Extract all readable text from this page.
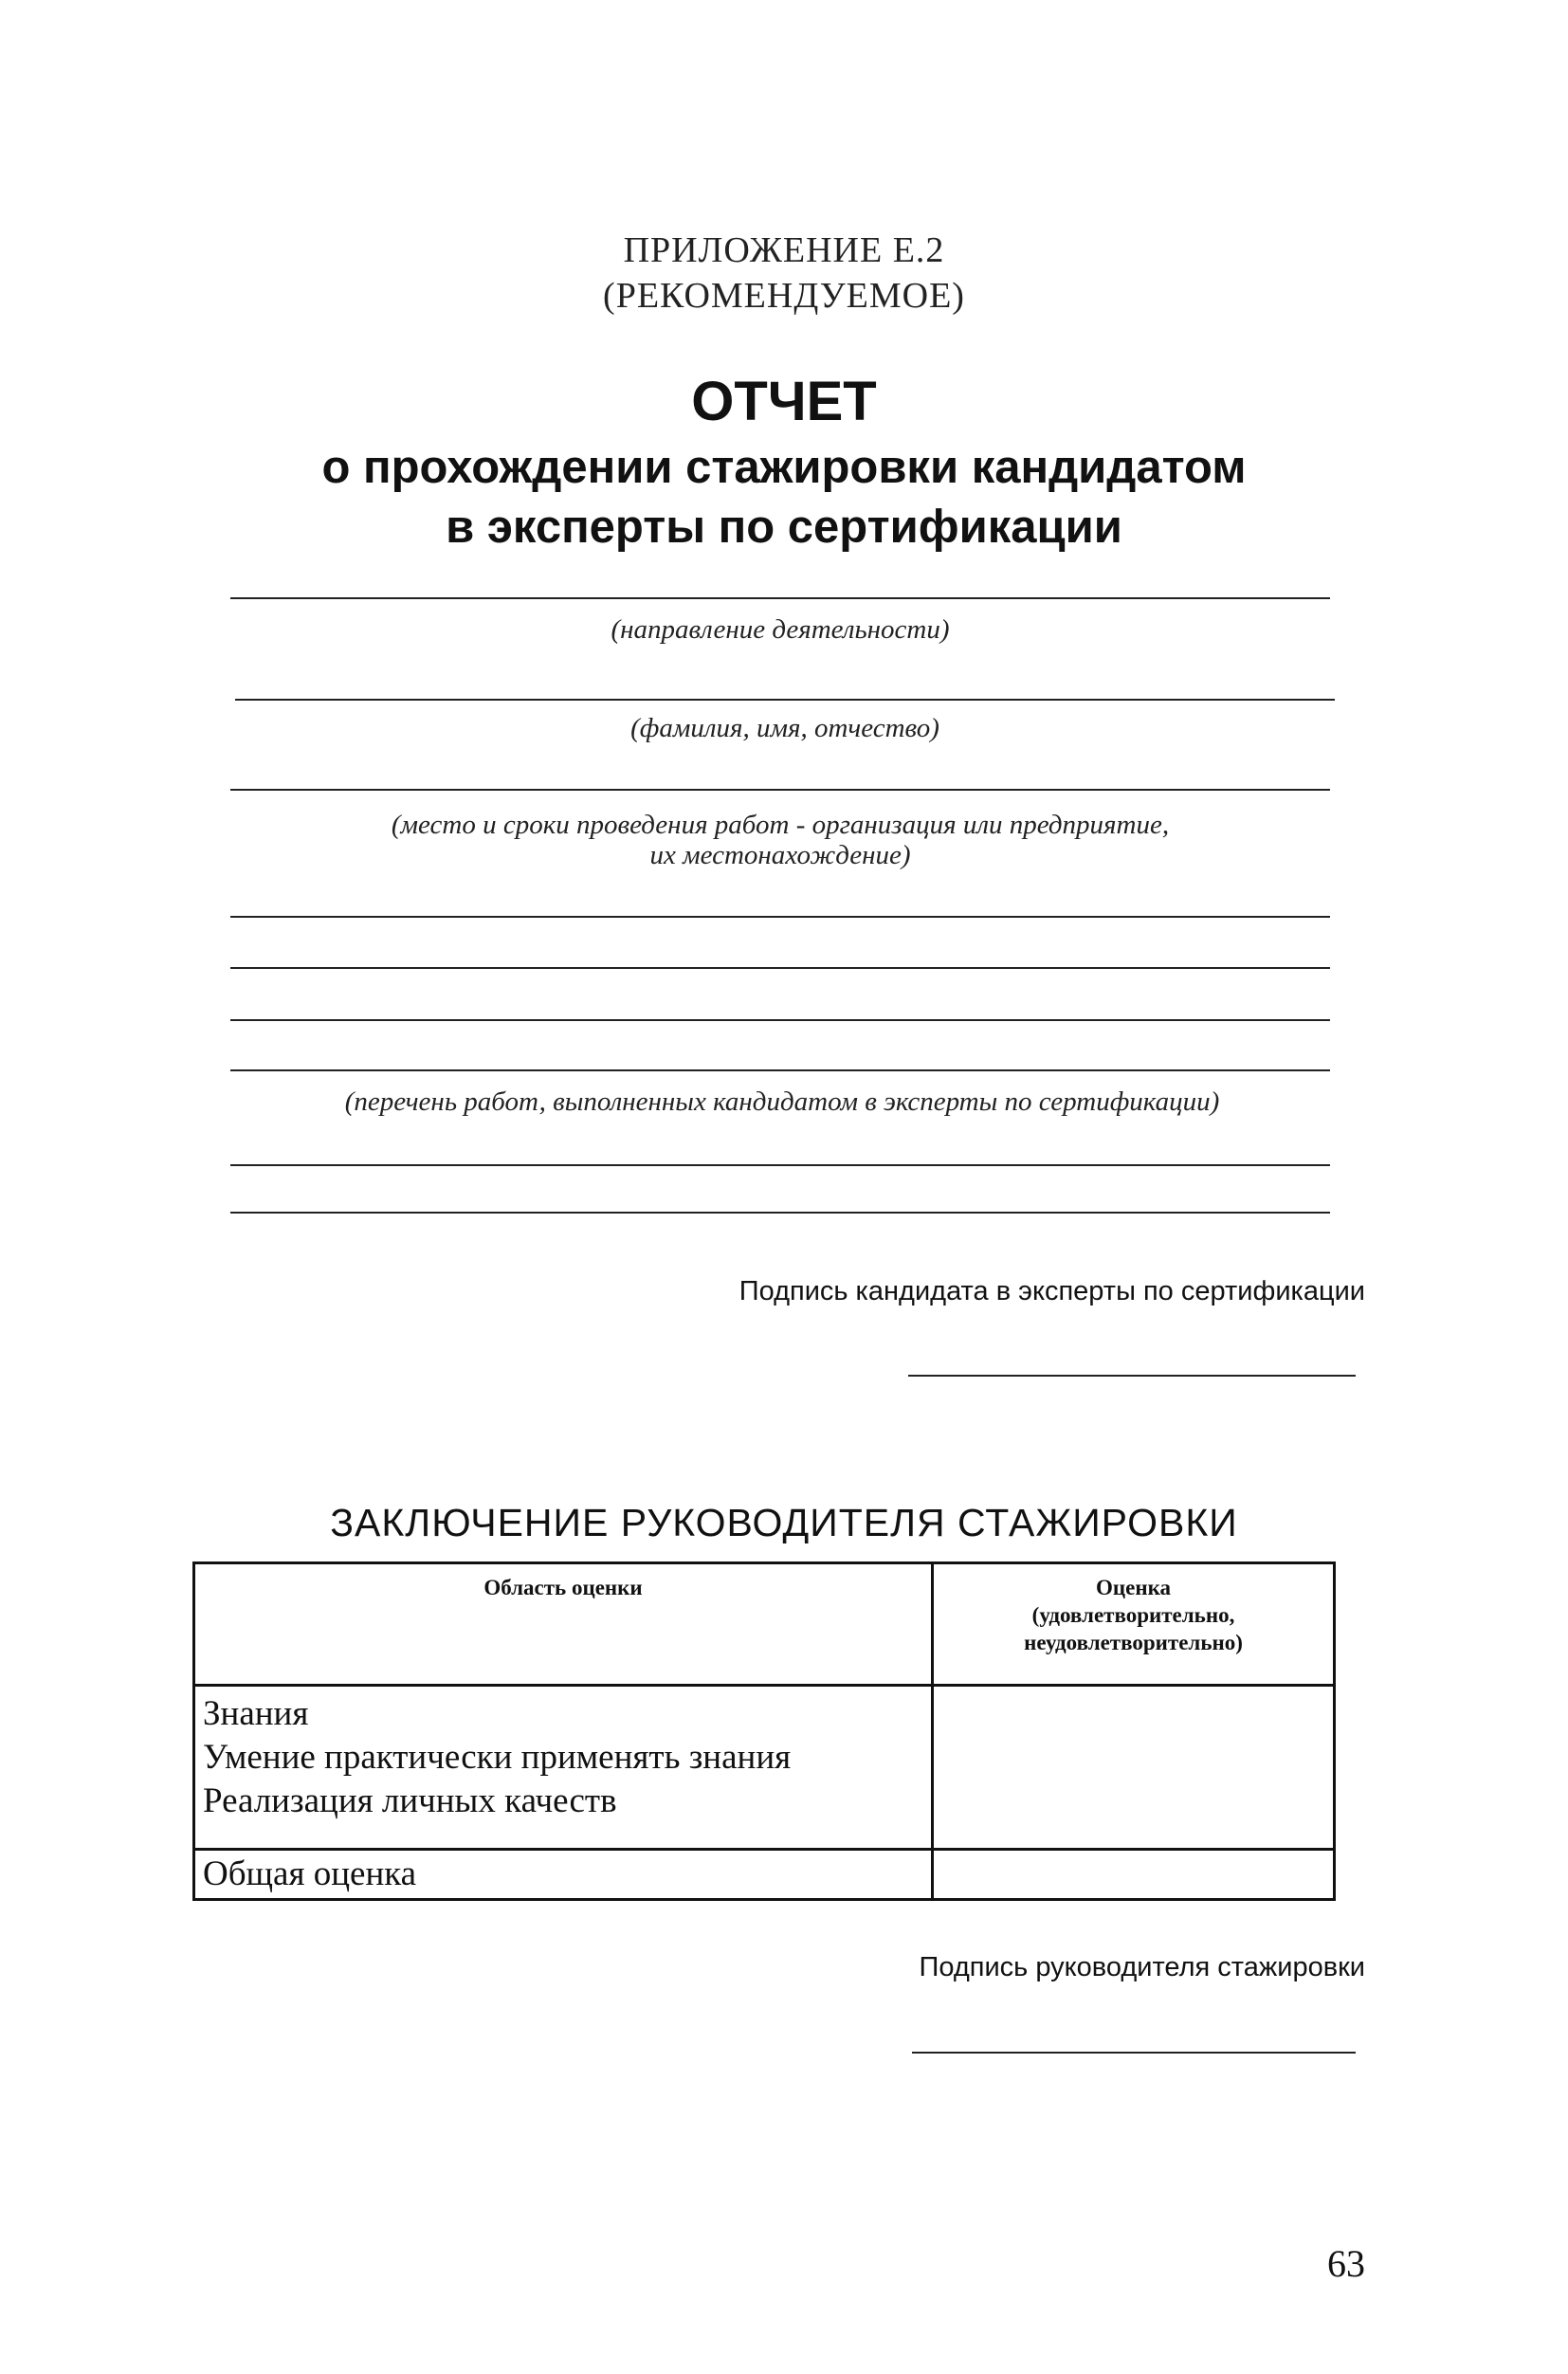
ПРИЛОЖЕНИЕ Е.2
(РЕКОМЕНДУЕМОЕ)
ОТЧЕТ
о прохождении стажировки кандидатом
в эксперты по сертификации
(направление деятельности)
(фамилия, имя, отчество)
(место и сроки проведения работ - организация или предприятие,
их местонахождение)
(перечень работ, выполненных кандидатом в эксперты по сертификации)
Подпись кандидата в эксперты по сертификации
ЗАКЛЮЧЕНИЕ РУКОВОДИТЕЛЯ СТАЖИРОВКИ
Область оценки	Оценка
(удовлетворительно,
неудовлетворительно)

Знания
Умение практически применять знания
Реализация личных качеств	

Общая оценка	

Подпись руководителя стажировки
63
